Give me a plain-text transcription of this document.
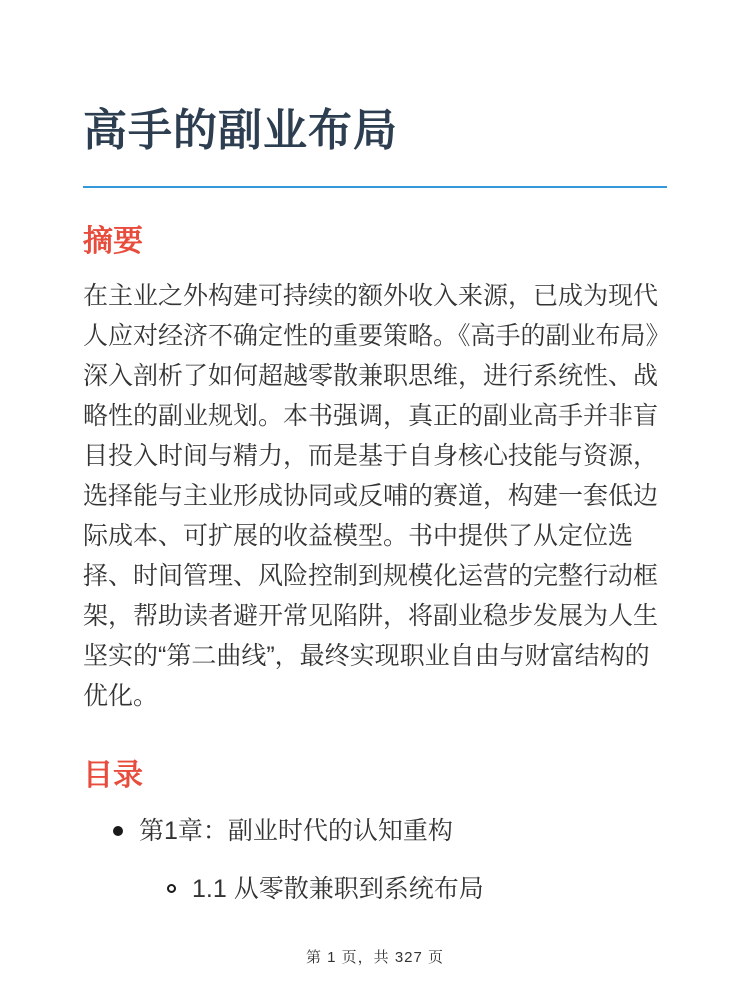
高手的副业布局
摘要

在主业之外构建可持续的额外收入来源，已成为现代人应对经济不确定性的重要策略。《高手的副业布局》深入剖析了如何超越零散兼职思维，进行系统性、战略性的副业规划。本书强调，真正的副业高手并非盲目投入时间与精力，而是基于自身核心技能与资源，选择能与主业形成协同或反哺的赛道，构建一套低边际成本、可扩展的收益模型。书中提供了从定位选择、时间管理、风险控制到规模化运营的完整行动框架，帮助读者避开常见陷阱，将副业稳步发展为人生坚实的“第二曲线”，最终实现职业自由与财富结构的优化。

目录
第1章：副业时代的认知重构
1.1 从零散兼职到系统布局
第 1 页，共 327 页
